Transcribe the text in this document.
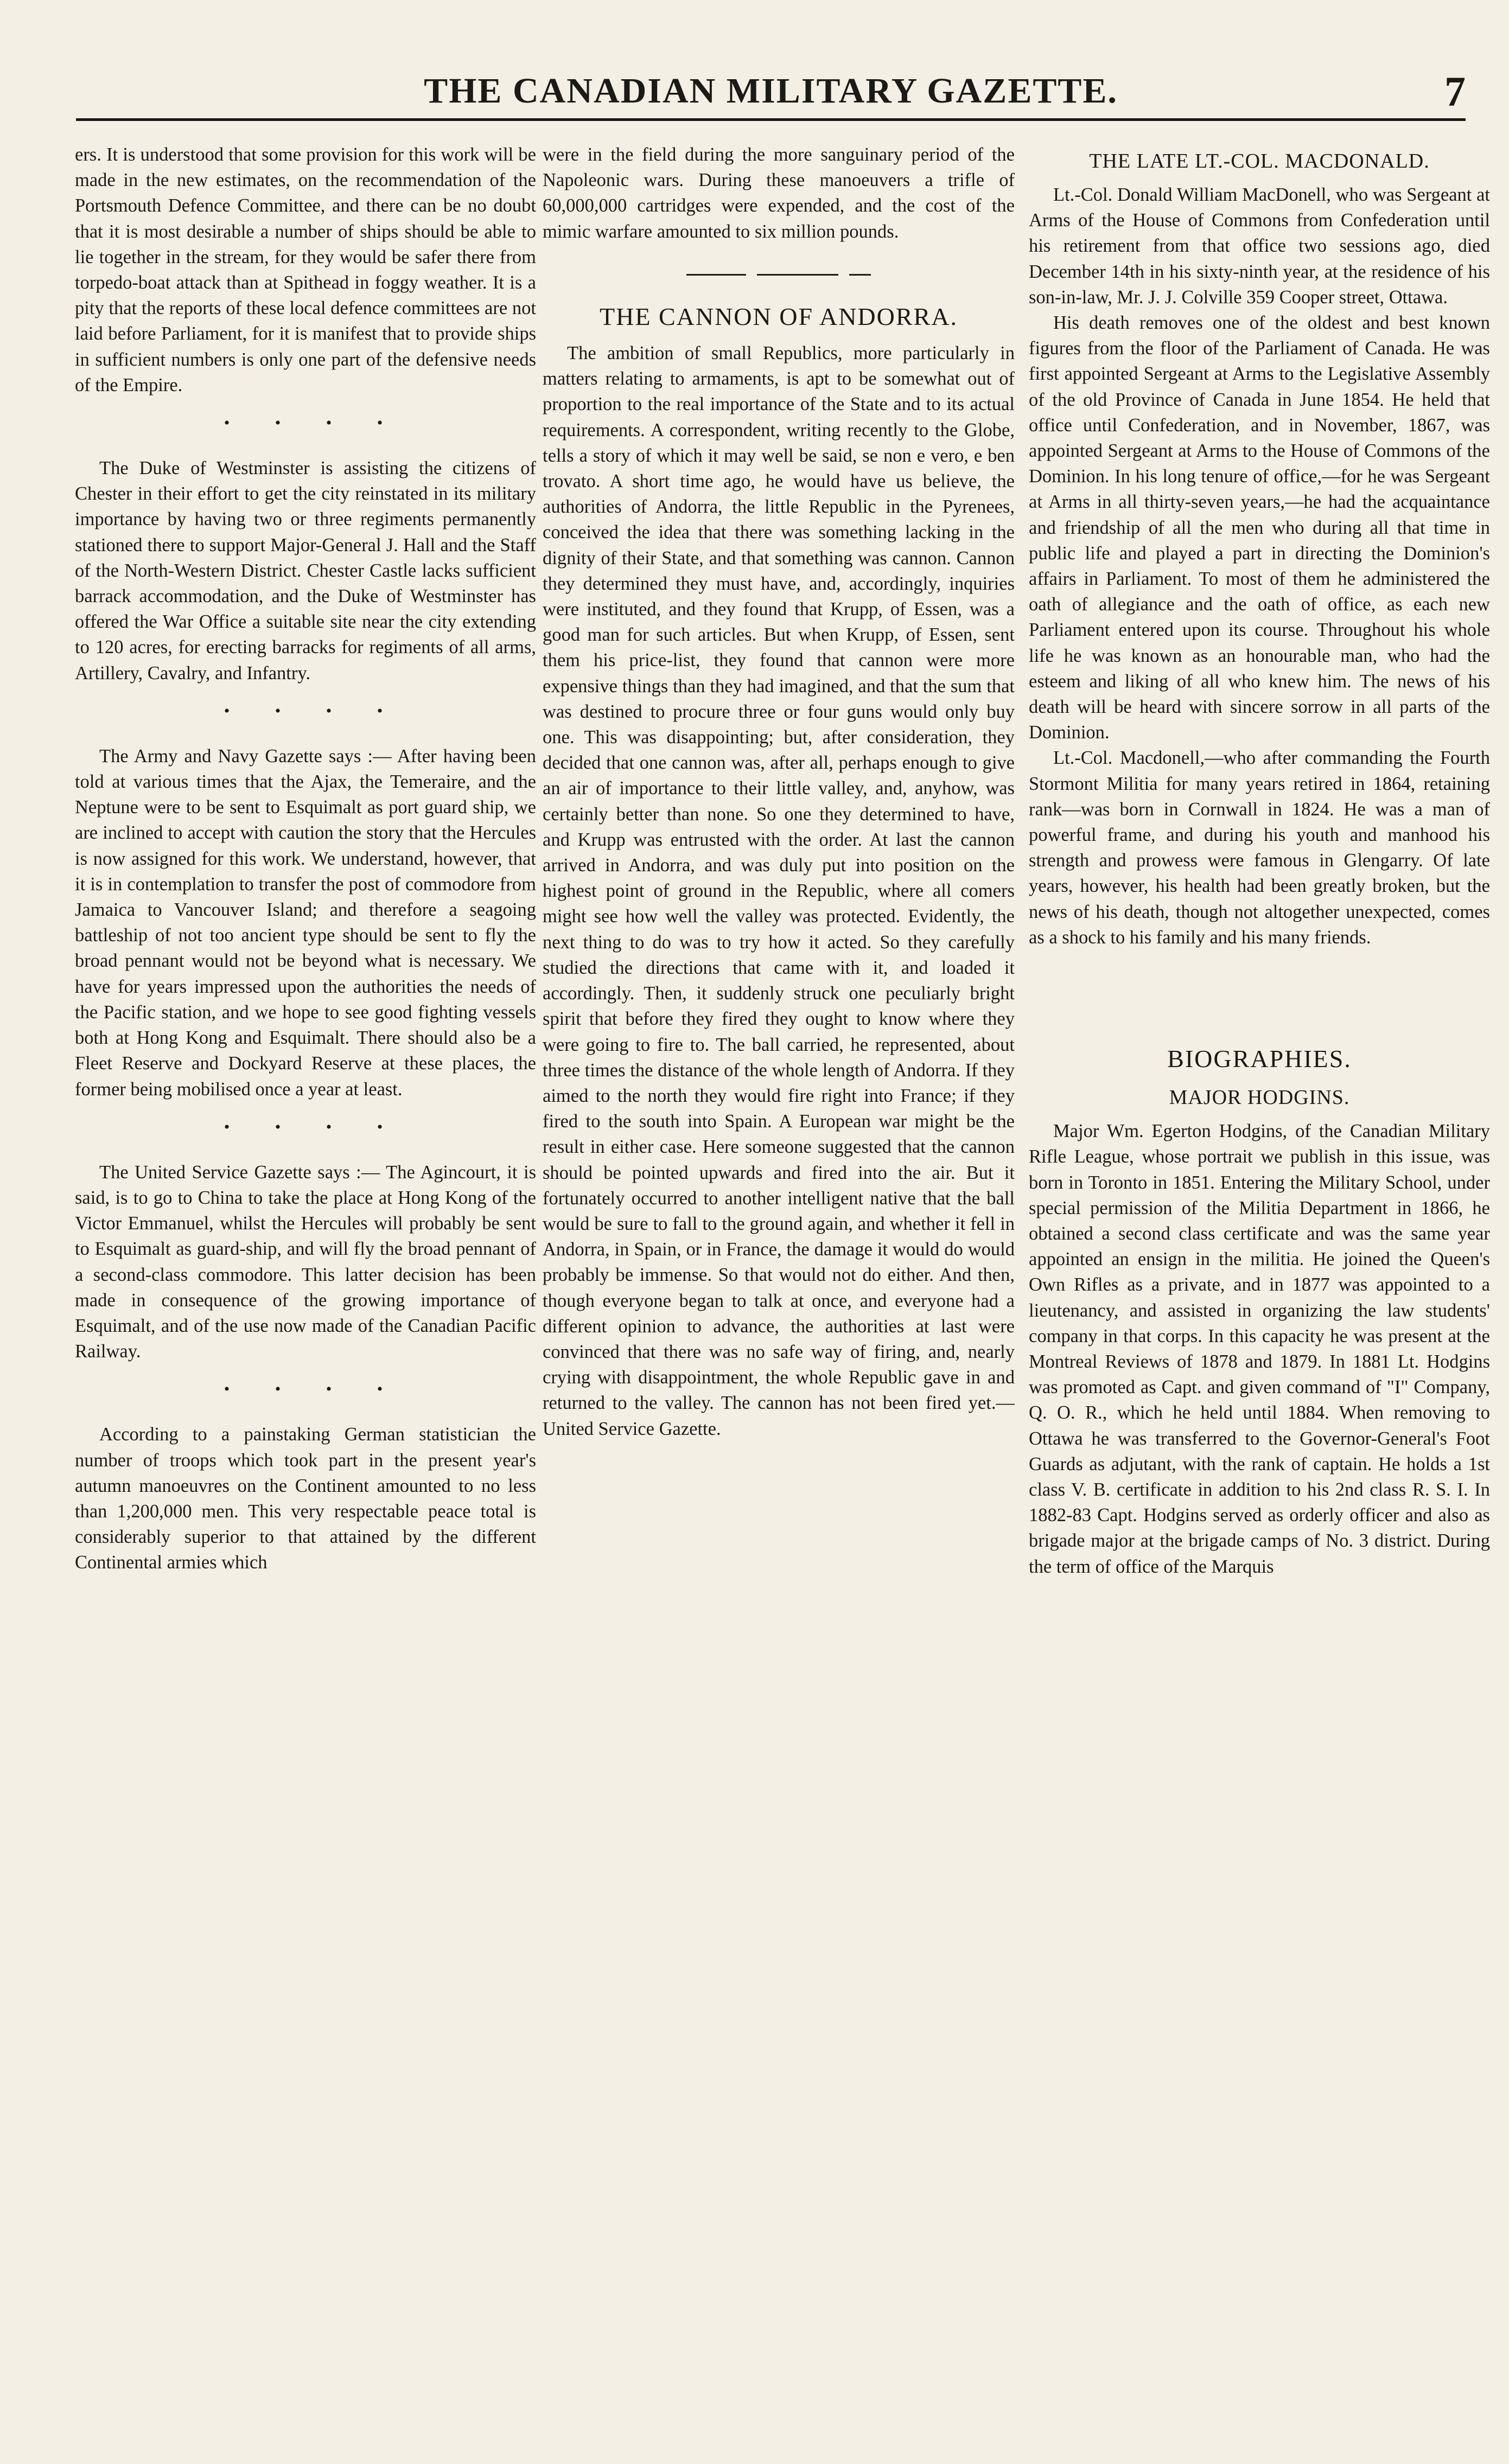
THE CANADIAN MILITARY GAZETTE.	7

ers. It is understood that some provision for this work will be made in the new estimates, on the recommendation of the Portsmouth Defence Committee, and there can be no doubt that it is most desirable a number of ships should be able to lie together in the stream, for they would be safer there from torpedo-boat attack than at Spithead in foggy weather. It is a pity that the reports of these local defence committees are not laid before Parliament, for it is manifest that to provide ships in sufficient numbers is only one part of the defensive needs of the Empire.

• • • •

The Duke of Westminster is assisting the citizens of Chester in their effort to get the city reinstated in its military importance by having two or three regiments permanently stationed there to support Major-General J. Hall and the Staff of the North-Western District. Chester Castle lacks sufficient barrack accommodation, and the Duke of Westminster has offered the War Office a suitable site near the city extending to 120 acres, for erecting barracks for regiments of all arms, Artillery, Cavalry, and Infantry.

• • • •

The Army and Navy Gazette says :— After having been told at various times that the Ajax, the Temeraire, and the Neptune were to be sent to Esquimalt as port guard ship, we are inclined to accept with caution the story that the Hercules is now assigned for this work. We understand, however, that it is in contemplation to transfer the post of commodore from Jamaica to Vancouver Island; and therefore a seagoing battleship of not too ancient type should be sent to fly the broad pennant would not be beyond what is necessary. We have for years impressed upon the authorities the needs of the Pacific station, and we hope to see good fighting vessels both at Hong Kong and Esquimalt. There should also be a Fleet Reserve and Dockyard Reserve at these places, the former being mobilised once a year at least.

• • • •

The United Service Gazette says :— The Agincourt, it is said, is to go to China to take the place at Hong Kong of the Victor Emmanuel, whilst the Hercules will probably be sent to Esquimalt as guard-ship, and will fly the broad pennant of a second-class commodore. This latter decision has been made in consequence of the growing importance of Esquimalt, and of the use now made of the Canadian Pacific Railway.

• • • •

According to a painstaking German statistician the number of troops which took part in the present year's autumn manoeuvres on the Continent amounted to no less than 1,200,000 men. This very respectable peace total is considerably superior to that attained by the different Continental armies which

were in the field during the more sanguinary period of the Napoleonic wars. During these manoeuvers a trifle of 60,000,000 cartridges were expended, and the cost of the mimic warfare amounted to six million pounds.

THE CANNON OF ANDORRA.

The ambition of small Republics, more particularly in matters relating to armaments, is apt to be somewhat out of proportion to the real importance of the State and to its actual requirements. A correspondent, writing recently to the Globe, tells a story of which it may well be said, se non e vero, e ben trovato. A short time ago, he would have us believe, the authorities of Andorra, the little Republic in the Pyrenees, conceived the idea that there was something lacking in the dignity of their State, and that something was cannon. Cannon they determined they must have, and, accordingly, inquiries were instituted, and they found that Krupp, of Essen, was a good man for such articles. But when Krupp, of Essen, sent them his price-list, they found that cannon were more expensive things than they had imagined, and that the sum that was destined to procure three or four guns would only buy one. This was disappointing; but, after consideration, they decided that one cannon was, after all, perhaps enough to give an air of importance to their little valley, and, anyhow, was certainly better than none. So one they determined to have, and Krupp was entrusted with the order. At last the cannon arrived in Andorra, and was duly put into position on the highest point of ground in the Republic, where all comers might see how well the valley was protected. Evidently, the next thing to do was to try how it acted. So they carefully studied the directions that came with it, and loaded it accordingly. Then, it suddenly struck one peculiarly bright spirit that before they fired they ought to know where they were going to fire to. The ball carried, he represented, about three times the distance of the whole length of Andorra. If they aimed to the north they would fire right into France; if they fired to the south into Spain. A European war might be the result in either case. Here someone suggested that the cannon should be pointed upwards and fired into the air. But it fortunately occurred to another intelligent native that the ball would be sure to fall to the ground again, and whether it fell in Andorra, in Spain, or in France, the damage it would do would probably be immense. So that would not do either. And then, though everyone began to talk at once, and everyone had a different opinion to advance, the authorities at last were convinced that there was no safe way of firing, and, nearly crying with disappointment, the whole Republic gave in and returned to the valley. The cannon has not been fired yet.—United Service Gazette.

THE LATE LT.-COL. MACDONALD.

Lt.-Col. Donald William MacDonell, who was Sergeant at Arms of the House of Commons from Confederation until his retirement from that office two sessions ago, died December 14th in his sixty-ninth year, at the residence of his son-in-law, Mr. J. J. Colville 359 Cooper street, Ottawa.

His death removes one of the oldest and best known figures from the floor of the Parliament of Canada. He was first appointed Sergeant at Arms to the Legislative Assembly of the old Province of Canada in June 1854. He held that office until Confederation, and in November, 1867, was appointed Sergeant at Arms to the House of Commons of the Dominion. In his long tenure of office,—for he was Sergeant at Arms in all thirty-seven years,—he had the acquaintance and friendship of all the men who during all that time in public life and played a part in directing the Dominion's affairs in Parliament. To most of them he administered the oath of allegiance and the oath of office, as each new Parliament entered upon its course. Throughout his whole life he was known as an honourable man, who had the esteem and liking of all who knew him. The news of his death will be heard with sincere sorrow in all parts of the Dominion.

Lt.-Col. Macdonell,—who after commanding the Fourth Stormont Militia for many years retired in 1864, retaining rank—was born in Cornwall in 1824. He was a man of powerful frame, and during his youth and manhood his strength and prowess were famous in Glengarry. Of late years, however, his health had been greatly broken, but the news of his death, though not altogether unexpected, comes as a shock to his family and his many friends.

BIOGRAPHIES.
MAJOR HODGINS.

Major Wm. Egerton Hodgins, of the Canadian Military Rifle League, whose portrait we publish in this issue, was born in Toronto in 1851. Entering the Military School, under special permission of the Militia Department in 1866, he obtained a second class certificate and was the same year appointed an ensign in the militia. He joined the Queen's Own Rifles as a private, and in 1877 was appointed to a lieutenancy, and assisted in organizing the law students' company in that corps. In this capacity he was present at the Montreal Reviews of 1878 and 1879. In 1881 Lt. Hodgins was promoted as Capt. and given command of "I" Company, Q. O. R., which he held until 1884. When removing to Ottawa he was transferred to the Governor-General's Foot Guards as adjutant, with the rank of captain. He holds a 1st class V. B. certificate in addition to his 2nd class R. S. I. In 1882-83 Capt. Hodgins served as orderly officer and also as brigade major at the brigade camps of No. 3 district. During the term of office of the Marquis
